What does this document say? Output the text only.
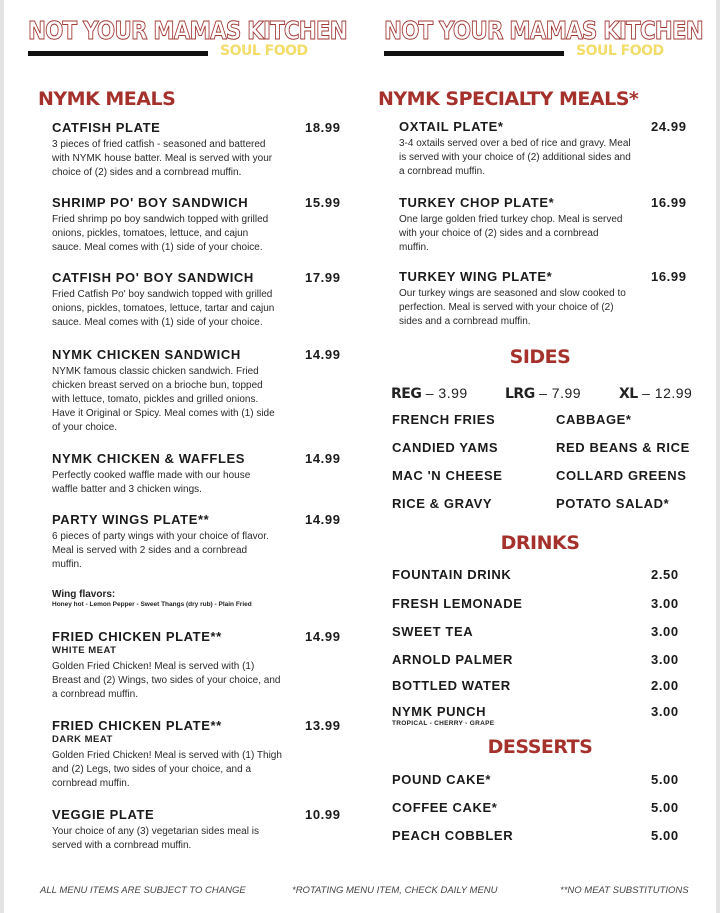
NOT YOUR MAMAS KITCHEN
SOUL FOOD
NOT YOUR MAMAS KITCHEN
SOUL FOOD
NYMK MEALS	NYMK SPECIALTY MEALS*
CATFISH PLATE	18.99
3 pieces of fried catfish - seasoned and battered with NYMK house batter. Meal is served with your choice of (2) sides and a cornbread muffin.
SHRIMP PO' BOY SANDWICH	15.99
Fried shrimp po boy sandwich topped with grilled onions, pickles, tomatoes, lettuce, and cajun sauce. Meal comes with (1) side of your choice.
CATFISH PO' BOY SANDWICH	17.99
Fried Catfish Po' boy sandwich topped with grilled onions, pickles, tomatoes, lettuce, tartar and cajun sauce. Meal comes with (1) side of your choice.
NYMK CHICKEN SANDWICH	14.99
NYMK famous classic chicken sandwich. Fried chicken breast served on a brioche bun, topped with lettuce, tomato, pickles and grilled onions. Have it Original or Spicy. Meal comes with (1) side of your choice.
NYMK CHICKEN & WAFFLES	14.99
Perfectly cooked waffle made with our house waffle batter and 3 chicken wings.
PARTY WINGS PLATE**	14.99
6 pieces of party wings with your choice of flavor. Meal is served with 2 sides and a cornbread muffin.
FRIED CHICKEN PLATE**	14.99
WHITE MEAT
Golden Fried Chicken! Meal is served with (1) Breast and (2) Wings, two sides of your choice, and a cornbread muffin.
FRIED CHICKEN PLATE**	13.99
DARK MEAT
Golden Fried Chicken! Meal is served with (1) Thigh and (2) Legs, two sides of your choice, and a cornbread muffin.
VEGGIE PLATE	10.99
Your choice of any (3) vegetarian sides meal is served with a cornbread muffin.
Wing flavors:
Honey hot - Lemon Pepper - Sweet Thangs (dry rub) - Plain Fried
OXTAIL PLATE*	24.99
3-4 oxtails served over a bed of rice and gravy. Meal is served with your choice of (2) additional sides and a cornbread muffin.
TURKEY CHOP PLATE*	16.99
One large golden fried turkey chop. Meal is served with your choice of (2) sides and a cornbread muffin.
TURKEY WING PLATE*	16.99
Our turkey wings are seasoned and slow cooked to perfection. Meal is served with your choice of (2) sides and a cornbread muffin.
SIDES
REG – 3.99	LRG – 7.99	XL – 12.99
FRENCH FRIES	CABBAGE*
CANDIED YAMS	RED BEANS & RICE
MAC 'N CHEESE	COLLARD GREENS
RICE & GRAVY	POTATO SALAD*
DRINKS
FOUNTAIN DRINK	2.50
FRESH LEMONADE	3.00
SWEET TEA	3.00
ARNOLD PALMER	3.00
BOTTLED WATER	2.00
NYMK PUNCH	3.00
TROPICAL - CHERRY - GRAPE
DESSERTS
POUND CAKE*	5.00
COFFEE CAKE*	5.00
PEACH COBBLER	5.00
ALL MENU ITEMS ARE SUBJECT TO CHANGE	*ROTATING MENU ITEM, CHECK DAILY MENU	**NO MEAT SUBSTITUTIONS
